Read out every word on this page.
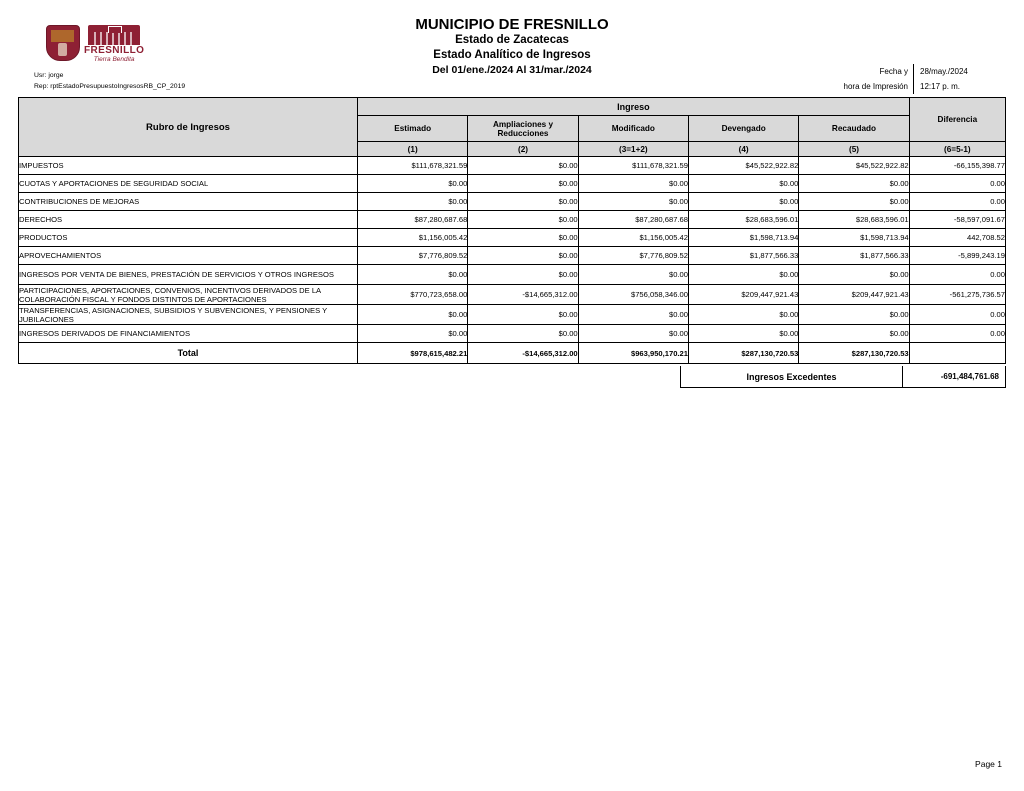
FRESNILLO
Tierra Bendita
MUNICIPIO DE FRESNILLO
Estado de Zacatecas
Estado Analítico de Ingresos
Del 01/ene./2024 Al 31/mar./2024
Usr: jorge
Rep: rptEstadoPresupuestoIngresosRB_CP_2019
Fecha y	28/may./2024
hora de Impresión	12:17 p. m.
Rubro de Ingresos	Ingreso					Diferencia
	Estimado	Ampliaciones y Reducciones	Modificado	Devengado	Recaudado	
	(1)	(2)	(3=1+2)	(4)	(5)	(6=5-1)
IMPUESTOS	$111,678,321.59	$0.00	$111,678,321.59	$45,522,922.82	$45,522,922.82	-66,155,398.77
CUOTAS Y APORTACIONES DE SEGURIDAD SOCIAL	$0.00	$0.00	$0.00	$0.00	$0.00	0.00
CONTRIBUCIONES DE MEJORAS	$0.00	$0.00	$0.00	$0.00	$0.00	0.00
DERECHOS	$87,280,687.68	$0.00	$87,280,687.68	$28,683,596.01	$28,683,596.01	-58,597,091.67
PRODUCTOS	$1,156,005.42	$0.00	$1,156,005.42	$1,598,713.94	$1,598,713.94	442,708.52
APROVECHAMIENTOS	$7,776,809.52	$0.00	$7,776,809.52	$1,877,566.33	$1,877,566.33	-5,899,243.19
INGRESOS POR VENTA DE BIENES, PRESTACIÓN DE SERVICIOS Y OTROS INGRESOS	$0.00	$0.00	$0.00	$0.00	$0.00	0.00
PARTICIPACIONES, APORTACIONES, CONVENIOS, INCENTIVOS DERIVADOS DE LA COLABORACIÓN FISCAL Y FONDOS DISTINTOS DE APORTACIONES	$770,723,658.00	-$14,665,312.00	$756,058,346.00	$209,447,921.43	$209,447,921.43	-561,275,736.57
TRANSFERENCIAS, ASIGNACIONES, SUBSIDIOS Y SUBVENCIONES, Y PENSIONES Y JUBILACIONES	$0.00	$0.00	$0.00	$0.00	$0.00	0.00
INGRESOS DERIVADOS DE FINANCIAMIENTOS	$0.00	$0.00	$0.00	$0.00	$0.00	0.00
Total	$978,615,482.21	-$14,665,312.00	$963,950,170.21	$287,130,720.53	$287,130,720.53	
Ingresos Excedentes	-691,484,761.68
Page 1
